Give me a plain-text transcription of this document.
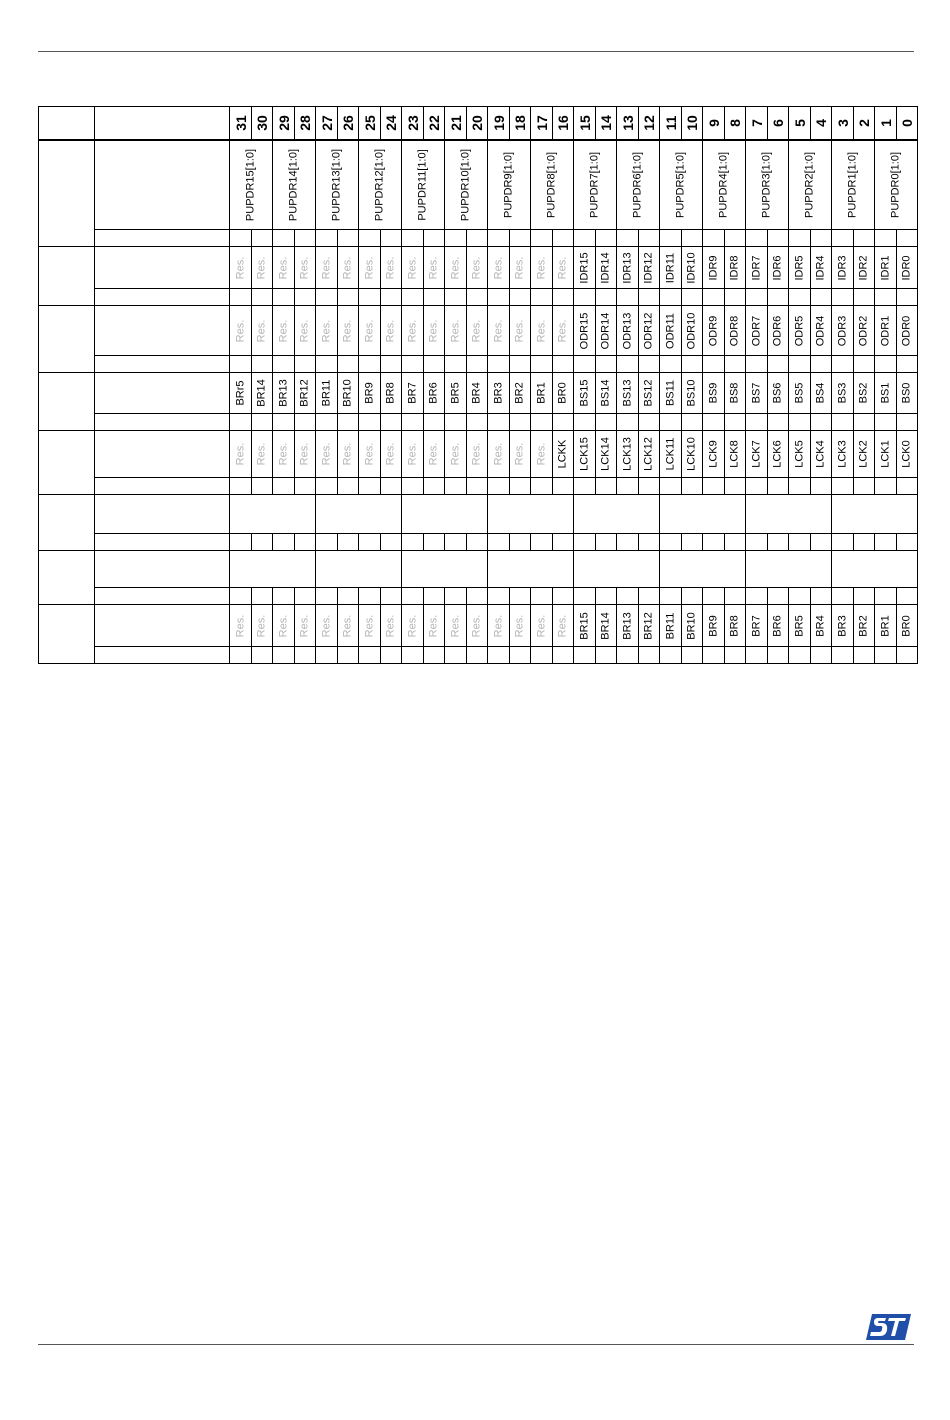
		31	30	29	28	27	26	25	24	23	22	21	20	19	18	17	16	15	14	13	12	11	10	9	8	7	6	5	4	3	2	1	0

		PUPDR15[1:0]		PUPDR14[1:0]		PUPDR13[1:0]		PUPDR12[1:0]		PUPDR11[1:0]		PUPDR10[1:0]		PUPDR9[1:0]		PUPDR8[1:0]		PUPDR7[1:0]		PUPDR6[1:0]		PUPDR5[1:0]		PUPDR4[1:0]		PUPDR3[1:0]		PUPDR2[1:0]		PUPDR1[1:0]		PUPDR0[1:0]	

		Res.	Res.	Res.	Res.	Res.	Res.	Res.	Res.	Res.	Res.	Res.	Res.	Res.	Res.	Res.	Res.	IDR15	IDR14	IDR13	IDR12	IDR11	IDR10	IDR9	IDR8	IDR7	IDR6	IDR5	IDR4	IDR3	IDR2	IDR1	IDR0

		Res.	Res.	Res.	Res.	Res.	Res.	Res.	Res.	Res.	Res.	Res.	Res.	Res.	Res.	Res.	Res.	ODR15	ODR14	ODR13	ODR12	ODR11	ODR10	ODR9	ODR8	ODR7	ODR6	ODR5	ODR4	ODR3	ODR2	ODR1	ODR0

		BRr5	BR14	BR13	BR12	BR11	BR10	BR9	BR8	BR7	BR6	BR5	BR4	BR3	BR2	BR1	BR0	BS15	BS14	BS13	BS12	BS11	BS10	BS9	BS8	BS7	BS6	BS5	BS4	BS3	BS2	BS1	BS0

		Res.	Res.	Res.	Res.	Res.	Res.	Res.	Res.	Res.	Res.	Res.	Res.	Res.	Res.	Res.	LCKK	LCK15	LCK14	LCK13	LCK12	LCK11	LCK10	LCK9	LCK8	LCK7	LCK6	LCK5	LCK4	LCK3	LCK2	LCK1	LCK0

		Res.	Res.	Res.	Res.	Res.	Res.	Res.	Res.	Res.	Res.	Res.	Res.	Res.	Res.	Res.	Res.	BR15	BR14	BR13	BR12	BR11	BR10	BR9	BR8	BR7	BR6	BR5	BR4	BR3	BR2	BR1	BR0
